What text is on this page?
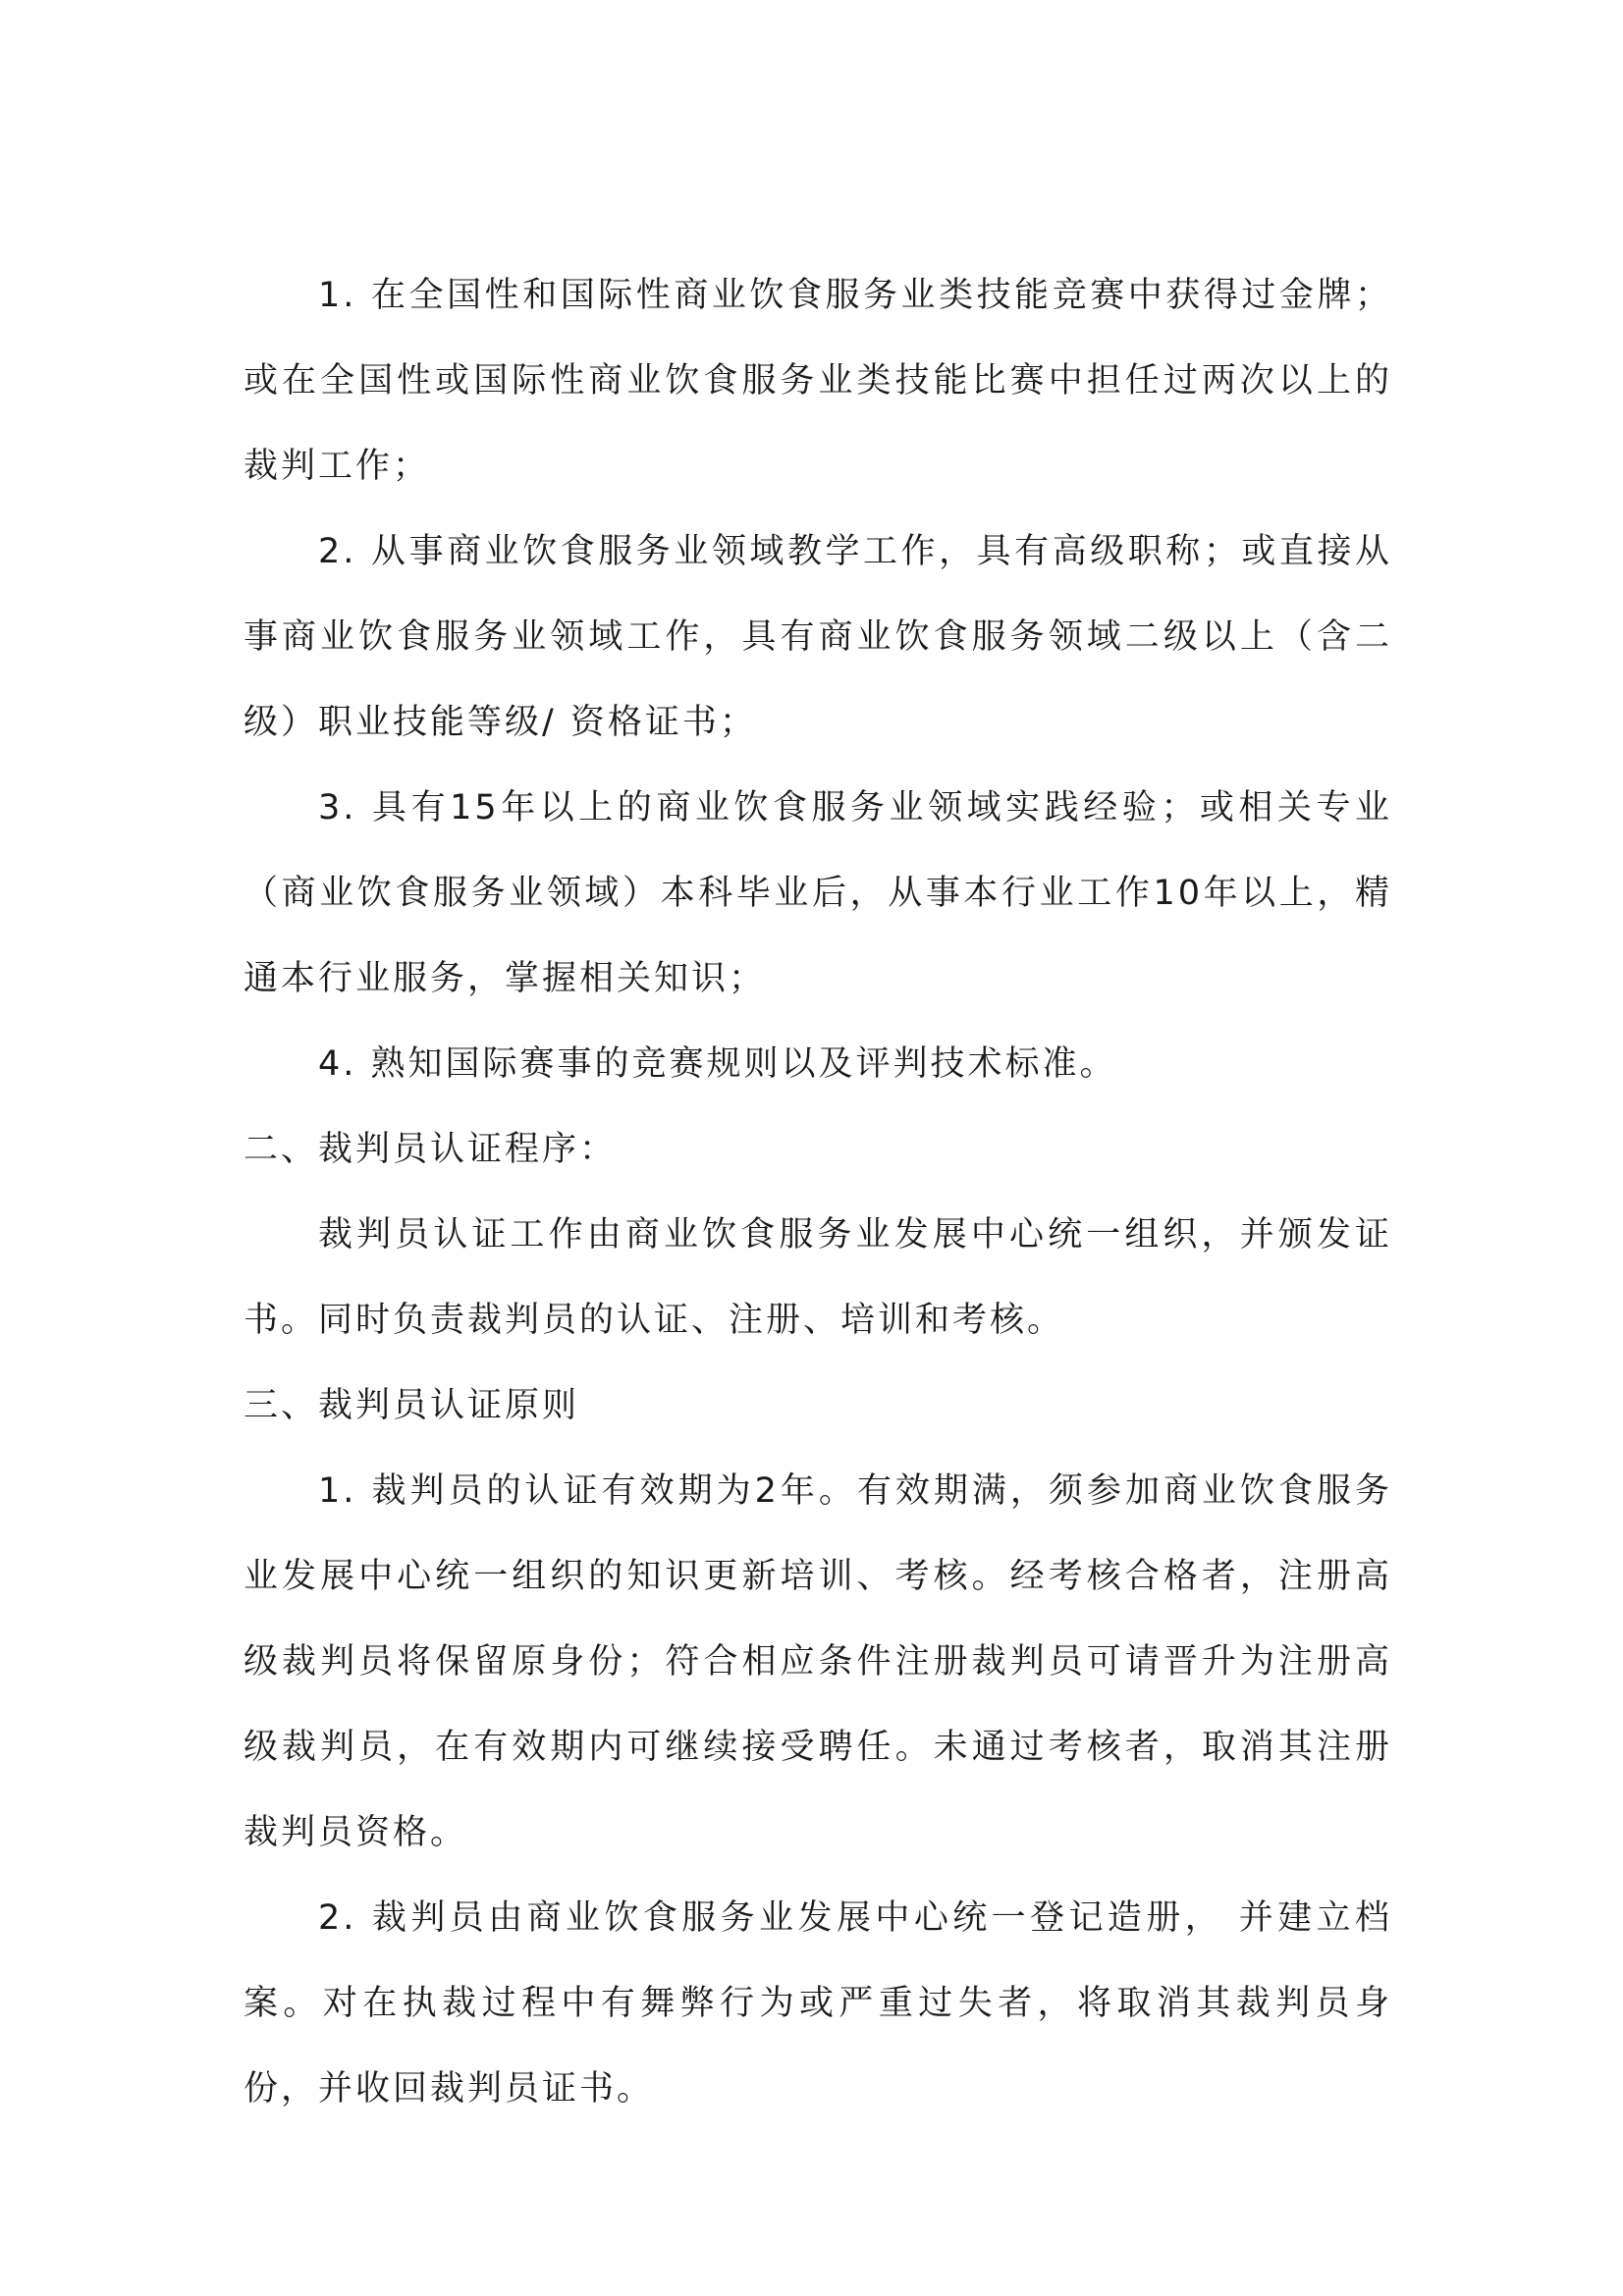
1. 在全国性和国际性商业饮食服务业类技能竞赛中获得过金牌；或在全国性或国际性商业饮食服务业类技能比赛中担任过两次以上的裁判工作；

2. 从事商业饮食服务业领域教学工作，具有高级职称；或直接从事商业饮食服务业领域工作，具有商业饮食服务领域二级以上（含二级）职业技能等级/ 资格证书；

3. 具有15年以上的商业饮食服务业领域实践经验；或相关专业（商业饮食服务业领域）本科毕业后，从事本行业工作10年以上，精通本行业服务，掌握相关知识；

4. 熟知国际赛事的竞赛规则以及评判技术标准。

二、裁判员认证程序：

裁判员认证工作由商业饮食服务业发展中心统一组织，并颁发证书。同时负责裁判员的认证、注册、培训和考核。

三、裁判员认证原则

1. 裁判员的认证有效期为2年。有效期满，须参加商业饮食服务业发展中心统一组织的知识更新培训、考核。经考核合格者，注册高级裁判员将保留原身份；符合相应条件注册裁判员可请晋升为注册高级裁判员，在有效期内可继续接受聘任。未通过考核者，取消其注册裁判员资格。

2. 裁判员由商业饮食服务业发展中心统一登记造册， 并建立档案。对在执裁过程中有舞弊行为或严重过失者，将取消其裁判员身份，并收回裁判员证书。
